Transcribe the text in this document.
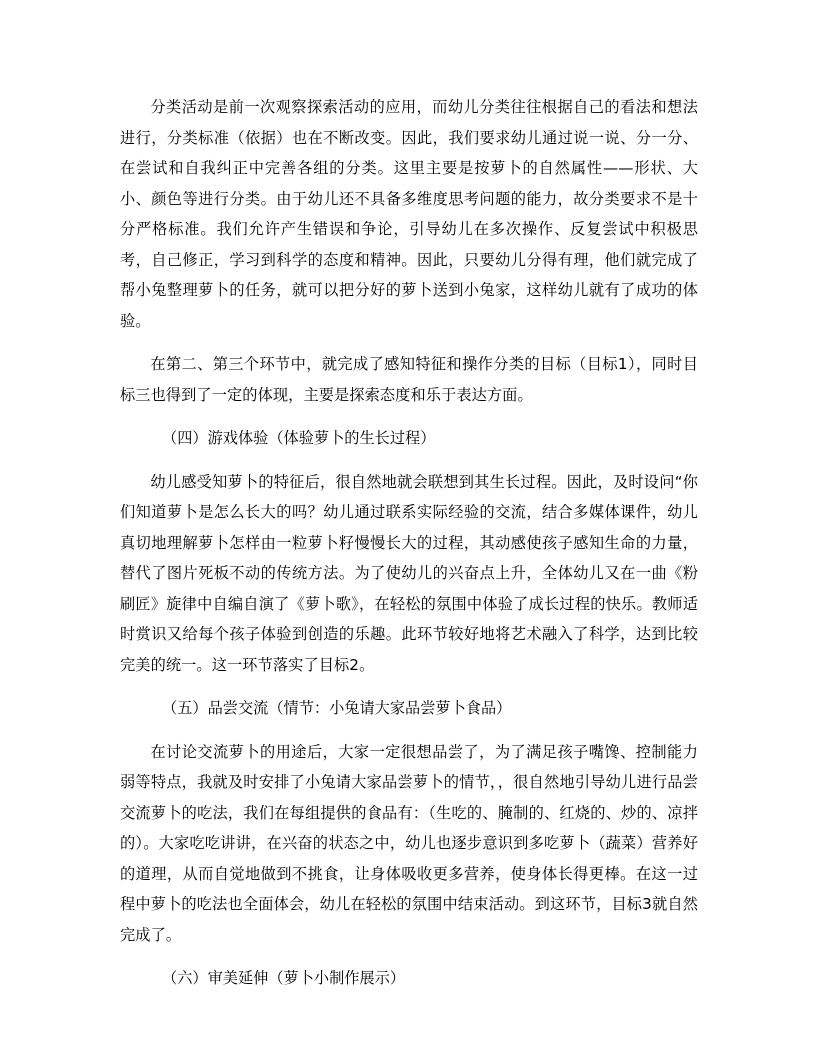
分类活动是前一次观察探索活动的应用，而幼儿分类往往根据自己的看法和想法进行，分类标准（依据）也在不断改变。因此，我们要求幼儿通过说一说、分一分、在尝试和自我纠正中完善各组的分类。这里主要是按萝卜的自然属性——形状、大小、颜色等进行分类。由于幼儿还不具备多维度思考问题的能力，故分类要求不是十分严格标准。我们允许产生错误和争论，引导幼儿在多次操作、反复尝试中积极思考，自己修正，学习到科学的态度和精神。因此，只要幼儿分得有理，他们就完成了帮小兔整理萝卜的任务，就可以把分好的萝卜送到小兔家，这样幼儿就有了成功的体验。

在第二、第三个环节中，就完成了感知特征和操作分类的目标（目标1），同时目标三也得到了一定的体现，主要是探索态度和乐于表达方面。

（四）游戏体验（体验萝卜的生长过程）

幼儿感受知萝卜的特征后，很自然地就会联想到其生长过程。因此，及时设问“你们知道萝卜是怎么长大的吗？幼儿通过联系实际经验的交流，结合多媒体课件，幼儿真切地理解萝卜怎样由一粒萝卜籽慢慢长大的过程，其动感使孩子感知生命的力量，替代了图片死板不动的传统方法。为了使幼儿的兴奋点上升，全体幼儿又在一曲《粉刷匠》旋律中自编自演了《萝卜歌》，在轻松的氛围中体验了成长过程的快乐。教师适时赏识又给每个孩子体验到创造的乐趣。此环节较好地将艺术融入了科学，达到比较完美的统一。这一环节落实了目标2。

（五）品尝交流（情节：小兔请大家品尝萝卜食品）

在讨论交流萝卜的用途后，大家一定很想品尝了，为了满足孩子嘴馋、控制能力弱等特点，我就及时安排了小兔请大家品尝萝卜的情节，，很自然地引导幼儿进行品尝交流萝卜的吃法，我们在每组提供的食品有：（生吃的、腌制的、红烧的、炒的、凉拌的）。大家吃吃讲讲，在兴奋的状态之中，幼儿也逐步意识到多吃萝卜（蔬菜）营养好的道理，从而自觉地做到不挑食，让身体吸收更多营养，使身体长得更棒。在这一过程中萝卜的吃法也全面体会，幼儿在轻松的氛围中结束活动。到这环节，目标3就自然完成了。

（六）审美延伸（萝卜小制作展示）
